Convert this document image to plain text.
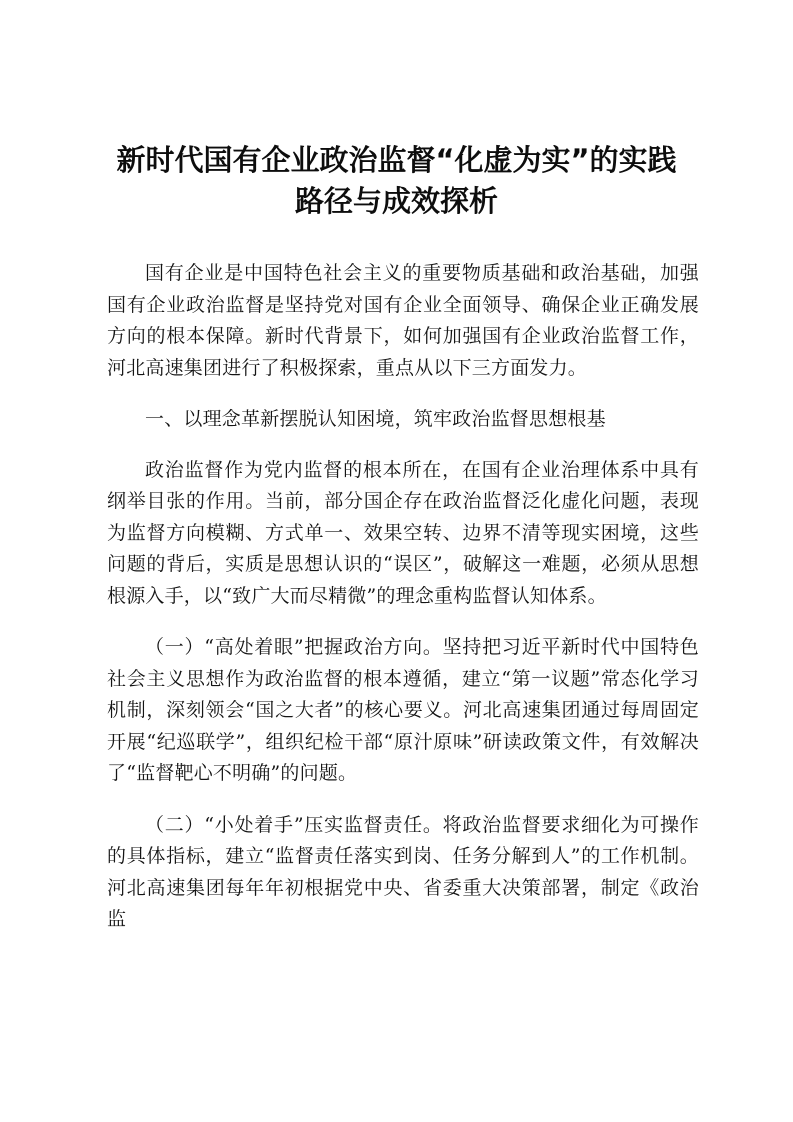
新时代国有企业政治监督“化虚为实”的实践
路径与成效探析

国有企业是中国特色社会主义的重要物质基础和政治基础，加强国有企业政治监督是坚持党对国有企业全面领导、确保企业正确发展方向的根本保障。新时代背景下，如何加强国有企业政治监督工作，河北高速集团进行了积极探索，重点从以下三方面发力。

一、以理念革新摆脱认知困境，筑牢政治监督思想根基

政治监督作为党内监督的根本所在，在国有企业治理体系中具有纲举目张的作用。当前，部分国企存在政治监督泛化虚化问题，表现为监督方向模糊、方式单一、效果空转、边界不清等现实困境，这些问题的背后，实质是思想认识的“误区”，破解这一难题，必须从思想根源入手，以“致广大而尽精微”的理念重构监督认知体系。

（一）“高处着眼”把握政治方向。坚持把习近平新时代中国特色社会主义思想作为政治监督的根本遵循，建立“第一议题”常态化学习机制，深刻领会“国之大者”的核心要义。河北高速集团通过每周固定开展“纪巡联学”，组织纪检干部“原汁原味”研读政策文件，有效解决了“监督靶心不明确”的问题。

（二）“小处着手”压实监督责任。将政治监督要求细化为可操作的具体指标，建立“监督责任落实到岗、任务分解到人”的工作机制。河北高速集团每年年初根据党中央、省委重大决策部署，制定《政治监
